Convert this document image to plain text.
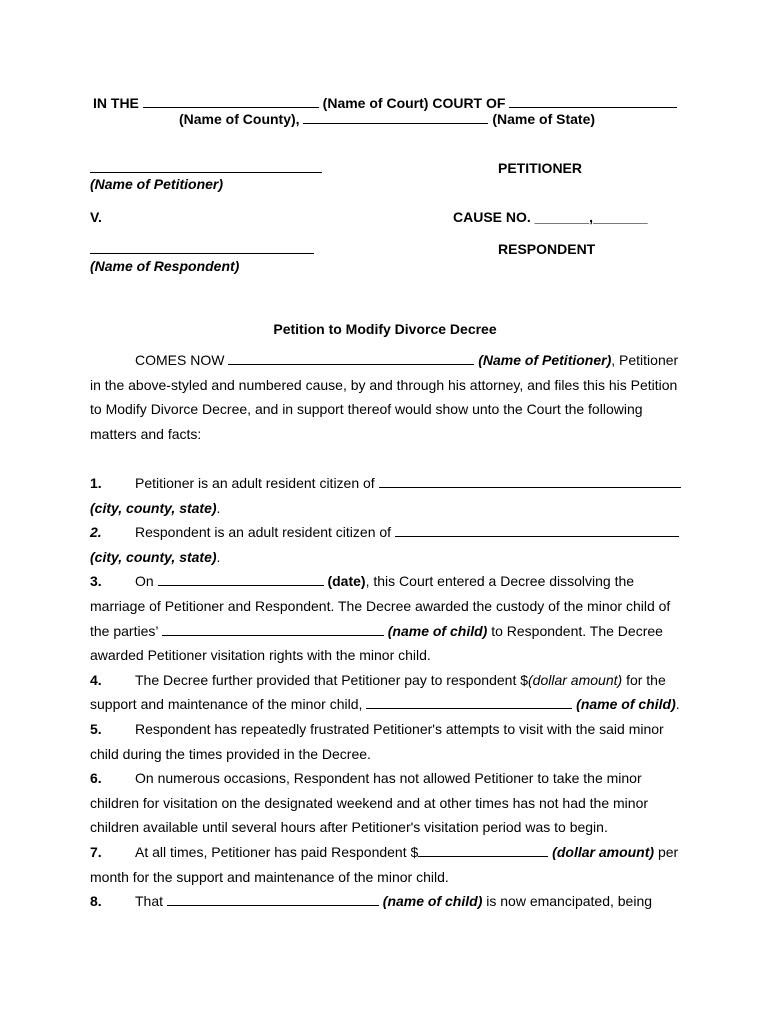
IN THE	(Name of Court) COURT OF
(Name of County),	(Name of State)
PETITIONER
(Name of Petitioner)
V.	CAUSE NO. _______,_______
RESPONDENT
(Name of Respondent)
Petition to Modify Divorce Decree
COMES NOW	(Name of Petitioner), Petitioner
in the above-styled and numbered cause, by and through his attorney, and files this his Petition
to Modify Divorce Decree, and in support thereof would show unto the Court the following
matters and facts:
1. Petitioner is an adult resident citizen of
(city, county, state).
2. Respondent is an adult resident citizen of
(city, county, state).
3. On	(date), this Court entered a Decree dissolving the
marriage of Petitioner and Respondent. The Decree awarded the custody of the minor child of
the parties’	(name of child) to Respondent. The Decree
awarded Petitioner visitation rights with the minor child.
4. The Decree further provided that Petitioner pay to respondent $(dollar amount) for the
support and maintenance of the minor child,	(name of child).
5. Respondent has repeatedly frustrated Petitioner's attempts to visit with the said minor
child during the times provided in the Decree.
6. On numerous occasions, Respondent has not allowed Petitioner to take the minor
children for visitation on the designated weekend and at other times has not had the minor
children available until several hours after Petitioner's visitation period was to begin.
7. At all times, Petitioner has paid Respondent $	(dollar amount) per
month for the support and maintenance of the minor child.
8. That	(name of child) is now emancipated, being
